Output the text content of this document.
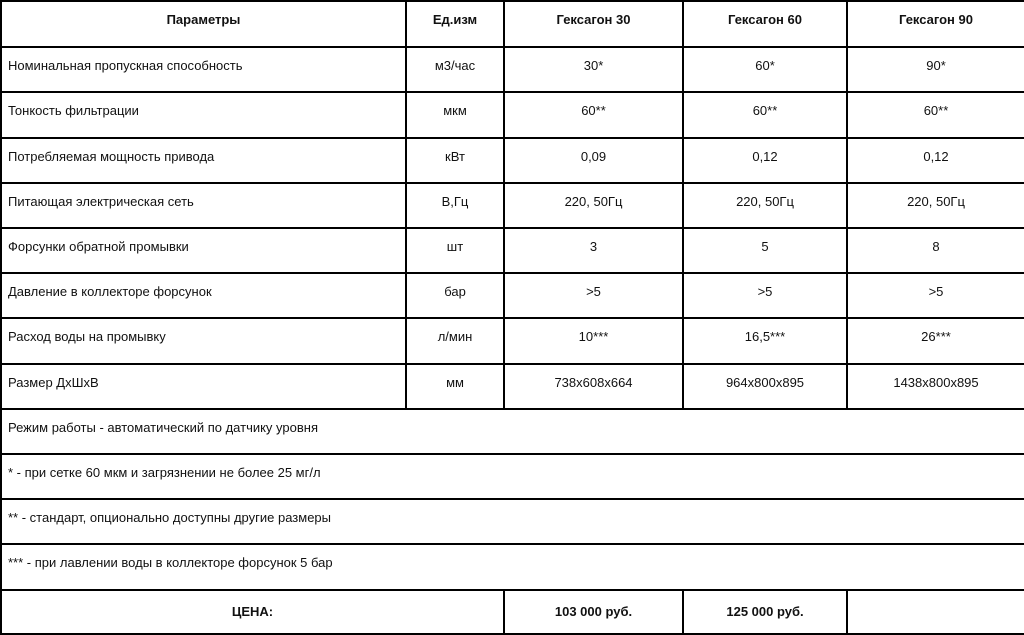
Параметры	Ед.изм	Гексагон 30	Гексагон 60	Гексагон 90
Номинальная пропускная способность	м3/час	30*	60*	90*
Тонкость фильтрации	мкм	60**	60**	60**
Потребляемая мощность привода	кВт	0,09	0,12	0,12
Питающая электрическая сеть	В,Гц	220, 50Гц	220, 50Гц	220, 50Гц
Форсунки обратной промывки	шт	3	5	8
Давление в коллекторе форсунок	бар	>5	>5	>5
Расход воды на промывку	л/мин	10***	16,5***	26***
Размер ДхШхВ	мм	738x608x664	964x800x895	1438x800x895
Режим работы - автоматический по датчику уровня				
* - при сетке 60 мкм и загрязнении не более 25 мг/л				
** - стандарт, опционально доступны другие размеры				
*** - при лавлении воды в коллекторе форсунок 5 бар				
ЦЕНА:		103 000 руб.	125 000 руб.	
